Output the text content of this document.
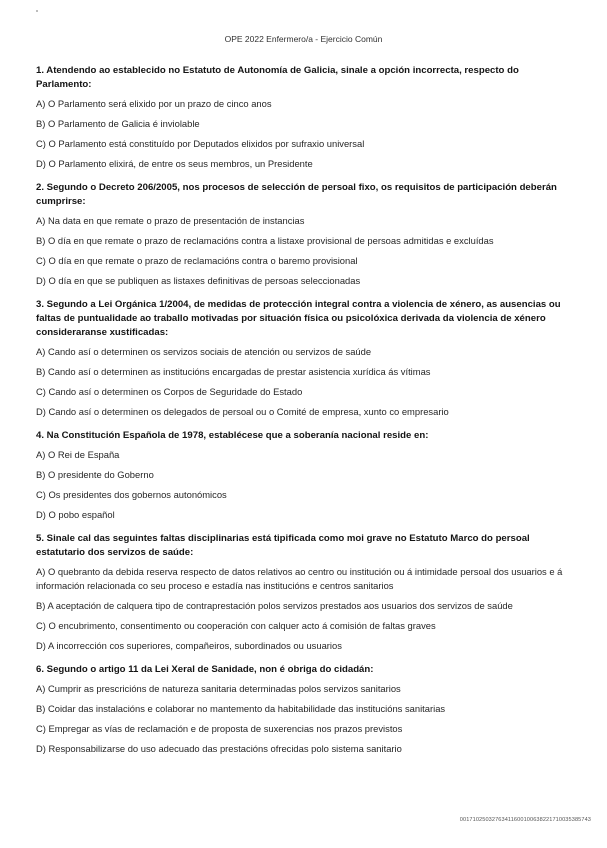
OPE 2022 Enfermero/a - Ejercicio Común

1. Atendendo ao establecido no Estatuto de Autonomía de Galicia, sinale a opción incorrecta, respecto do Parlamento:

A) O Parlamento será elixido por un prazo de cinco anos

B) O Parlamento de Galicia é inviolable

C) O Parlamento está constituído por Deputados elixidos por sufraxio universal

D) O Parlamento elixirá, de entre os seus membros, un Presidente

2. Segundo o Decreto 206/2005, nos procesos de selección de persoal fixo, os requisitos de participación deberán cumprirse:

A) Na data en que remate o prazo de presentación de instancias

B) O día en que remate o prazo de reclamacións contra a listaxe provisional de persoas admitidas e excluídas

C) O día en que remate o prazo de reclamacións contra o baremo provisional

D) O día en que se publiquen as listaxes definitivas de persoas seleccionadas

3. Segundo a Lei Orgánica 1/2004, de medidas de protección integral contra a violencia de xénero, as ausencias ou faltas de puntualidade ao traballo motivadas por situación física ou psicolóxica derivada da violencia de xénero consideraranse xustificadas:

A) Cando así o determinen os servizos sociais de atención ou servizos de saúde

B) Cando así o determinen as institucións encargadas de prestar asistencia xurídica ás vítimas

C) Cando así o determinen os Corpos de Seguridade do Estado

D) Cando así o determinen os delegados de persoal ou o Comité de empresa, xunto co empresario

4. Na Constitución Española de 1978, establécese que a soberanía nacional reside en:

A) O Rei de España

B) O presidente do Goberno

C) Os presidentes dos gobernos autonómicos

D) O pobo español

5. Sinale cal das seguintes faltas disciplinarias está tipificada como moi grave no Estatuto Marco do persoal estatutario dos servizos de saúde:

A) O quebranto da debida reserva respecto de datos relativos ao centro ou institución ou á intimidade persoal dos usuarios e á información relacionada co seu proceso e estadía nas institucións e centros sanitarios

B) A aceptación de calquera tipo de contraprestación polos servizos prestados aos usuarios dos servizos de saúde

C) O encubrimento, consentimento ou cooperación con calquer acto á comisión de faltas graves

D) A incorrección cos superiores, compañeiros, subordinados ou usuarios

6. Segundo o artigo 11 da Lei Xeral de Sanidade, non é obriga do cidadán:

A) Cumprir as prescricións de natureza sanitaria determinadas polos servizos sanitarios

B) Coidar das instalacións e colaborar no mantemento da habitabilidade das institucións sanitarias

C) Empregar as vías de reclamación e de proposta de suxerencias nos prazos previstos

D) Responsabilizarse do uso adecuado das prestacións ofrecidas polo sistema sanitario

00171025032763411600100638221710035385743
